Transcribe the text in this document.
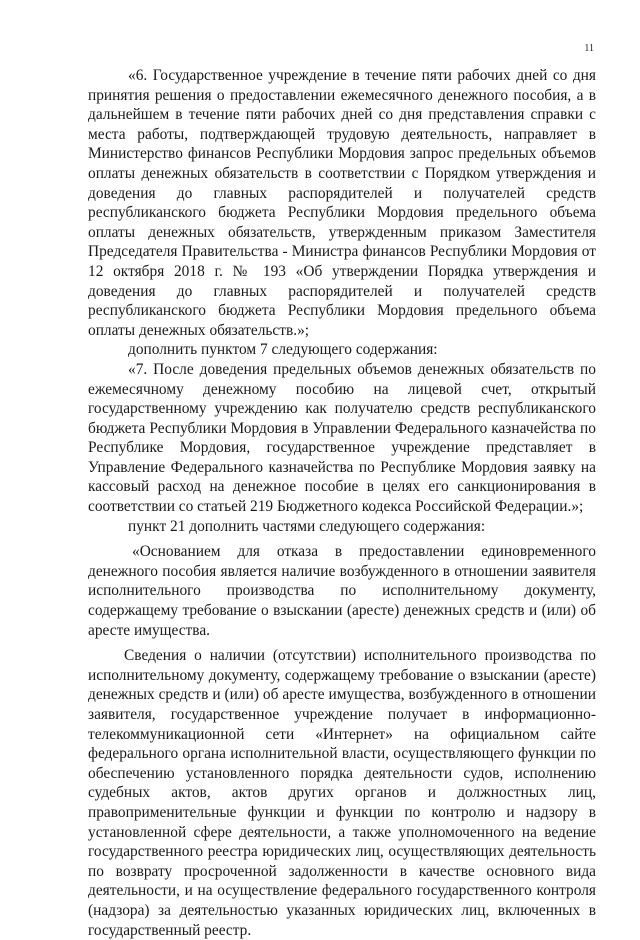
11
«6. Государственное учреждение в течение пяти рабочих дней со дня
принятия решения о предоставлении ежемесячного денежного пособия, а в
дальнейшем в течение пяти рабочих дней со дня представления справки с
места работы, подтверждающей трудовую деятельность, направляет в
Министерство финансов Республики Мордовия запрос предельных объемов
оплаты денежных обязательств в соответствии с Порядком утверждения и
доведения до главных распорядителей и получателей средств
республиканского бюджета Республики Мордовия предельного объема
оплаты денежных обязательств, утвержденным приказом Заместителя
Председателя Правительства - Министра финансов Республики Мордовия от
12 октября 2018 г. № 193 «Об утверждении Порядка утверждения и
доведения до главных распорядителей и получателей средств
республиканского бюджета Республики Мордовия предельного объема
оплаты денежных обязательств.»;
дополнить пунктом 7 следующего содержания:
«7. После доведения предельных объемов денежных обязательств по
ежемесячному денежному пособию на лицевой счет, открытый
государственному учреждению как получателю средств республиканского
бюджета Республики Мордовия в Управлении Федерального казначейства по
Республике Мордовия, государственное учреждение представляет в
Управление Федерального казначейства по Республике Мордовия заявку на
кассовый расход на денежное пособие в целях его санкционирования в
соответствии со статьей 219 Бюджетного кодекса Российской Федерации.»;
пункт 21 дополнить частями следующего содержания:
«Основанием для отказа в предоставлении единовременного
денежного пособия является наличие возбужденного в отношении заявителя
исполнительного производства по исполнительному документу,
содержащему требование о взыскании (аресте) денежных средств и (или) об
аресте имущества.
Сведения о наличии (отсутствии) исполнительного производства по
исполнительному документу, содержащему требование о взыскании (аресте)
денежных средств и (или) об аресте имущества, возбужденного в отношении
заявителя, государственное учреждение получает в информационно-
телекоммуникационной сети «Интернет» на официальном сайте
федерального органа исполнительной власти, осуществляющего функции по
обеспечению установленного порядка деятельности судов, исполнению
судебных актов, актов других органов и должностных лиц,
правоприменительные функции и функции по контролю и надзору в
установленной сфере деятельности, а также уполномоченного на ведение
государственного реестра юридических лиц, осуществляющих деятельность
по возврату просроченной задолженности в качестве основного вида
деятельности, и на осуществление федерального государственного контроля
(надзора) за деятельностью указанных юридических лиц, включенных в
государственный реестр.
